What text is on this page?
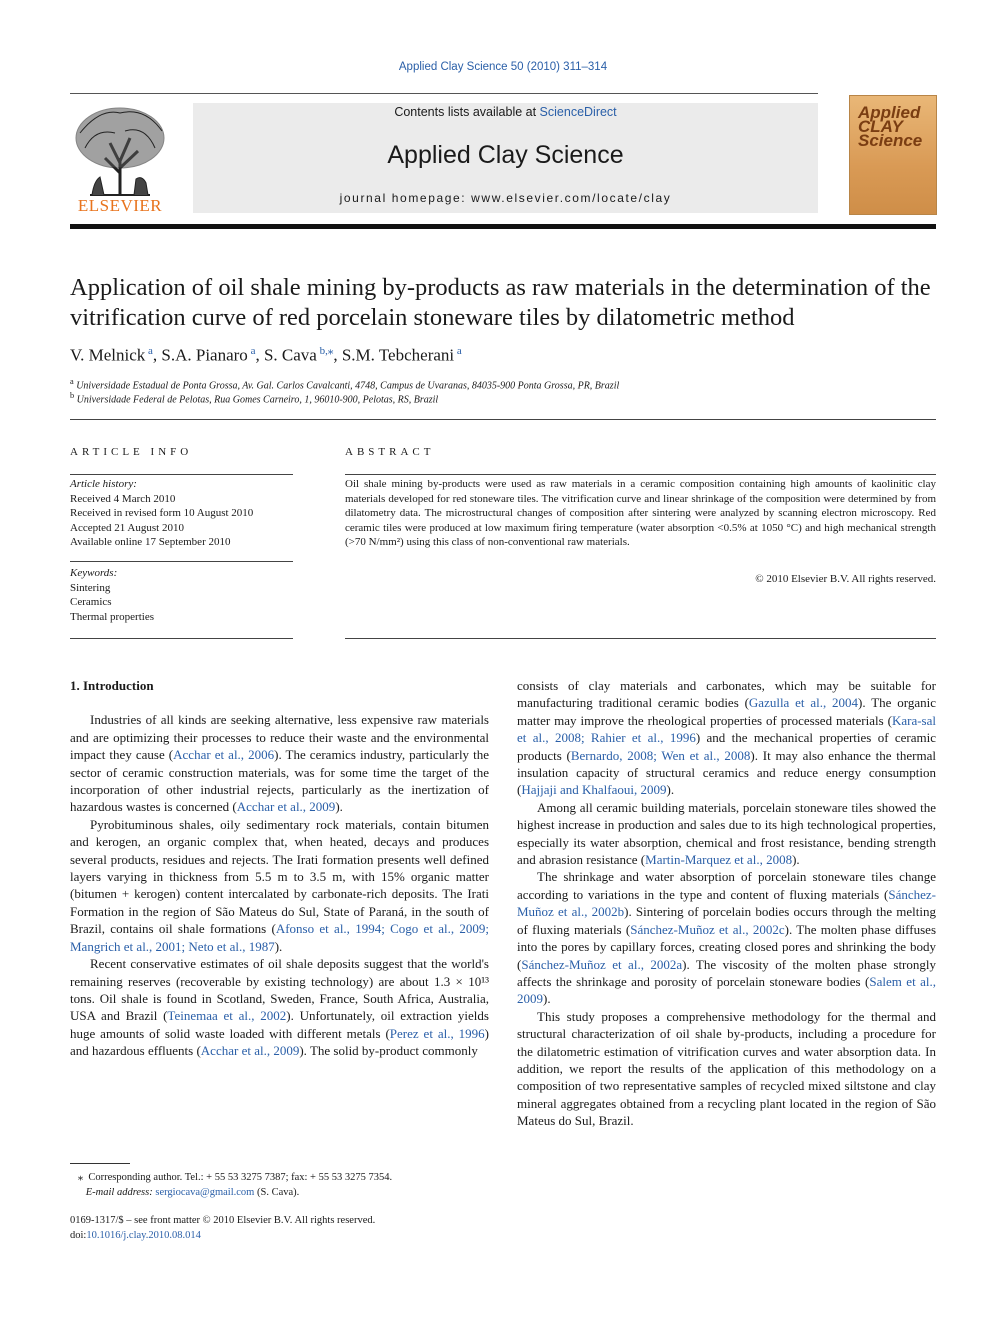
Applied Clay Science 50 (2010) 311–314
ELSEVIER
Contents lists available at ScienceDirect
Applied Clay Science
journal homepage: www.elsevier.com/locate/clay
Applied CLAY Science
Application of oil shale mining by-products as raw materials in the determination of the vitrification curve of red porcelain stoneware tiles by dilatometric method
V. Melnick $^a$, S.A. Pianaro $^a$, S. Cava $^{b,⁎}$, S.M. Tebcherani $^a$
$^a$ Universidade Estadual de Ponta Grossa, Av. Gal. Carlos Cavalcanti, 4748, Campus de Uvaranas, 84035-900 Ponta Grossa, PR, Brazil
$^b$ Universidade Federal de Pelotas, Rua Gomes Carneiro, 1, 96010-900, Pelotas, RS, Brazil
ARTICLE INFO	ABSTRACT
Article history:
Received 4 March 2010
Received in revised form 10 August 2010
Accepted 21 August 2010
Available online 17 September 2010
Keywords:
Sintering
Ceramics
Thermal properties
Oil shale mining by-products were used as raw materials in a ceramic composition containing high amounts of kaolinitic clay materials developed for red stoneware tiles. The vitrification curve and linear shrinkage of the composition were determined by from dilatometry data. The microstructural changes of composition after sintering were analyzed by scanning electron microscopy. Red ceramic tiles were produced at low maximum firing temperature (water absorption <0.5% at 1050 °C) and high mechanical strength (>70 N/mm²) using this class of non-conventional raw materials.
© 2010 Elsevier B.V. All rights reserved.
1. Introduction

Industries of all kinds are seeking alternative, less expensive raw materials and are optimizing their processes to reduce their waste and the environmental impact they cause (Acchar et al., 2006). The ceramics industry, particularly the sector of ceramic construction materials, was for some time the target of the incorporation of other industrial rejects, particularly as the inertization of hazardous wastes is concerned (Acchar et al., 2009).

Pyrobituminous shales, oily sedimentary rock materials, contain bitumen and kerogen, an organic complex that, when heated, decays and produces several products, residues and rejects. The Irati formation presents well defined layers varying in thickness from 5.5 m to 3.5 m, with 15% organic matter (bitumen + kerogen) content intercalated by carbonate-rich deposits. The Irati Formation in the region of São Mateus do Sul, State of Paraná, in the south of Brazil, contains oil shale formations (Afonso et al., 1994; Cogo et al., 2009; Mangrich et al., 2001; Neto et al., 1987).

Recent conservative estimates of oil shale deposits suggest that the world's remaining reserves (recoverable by existing technology) are about 1.3 × 10¹³ tons. Oil shale is found in Scotland, Sweden, France, South Africa, Australia, USA and Brazil (Teinemaa et al., 2002). Unfortunately, oil extraction yields huge amounts of solid waste loaded with different metals (Perez et al., 1996) and hazardous effluents (Acchar et al., 2009). The solid by-product commonly

consists of clay materials and carbonates, which may be suitable for manufacturing traditional ceramic bodies (Gazulla et al., 2004). The organic matter may improve the rheological properties of processed materials (Kara-sal et al., 2008; Rahier et al., 1996) and the mechanical properties of ceramic products (Bernardo, 2008; Wen et al., 2008). It may also enhance the thermal insulation capacity of structural ceramics and reduce energy consumption (Hajjaji and Khalfaoui, 2009).

Among all ceramic building materials, porcelain stoneware tiles showed the highest increase in production and sales due to its high technological properties, especially its water absorption, chemical and frost resistance, bending strength and abrasion resistance (Martin-Marquez et al., 2008).

The shrinkage and water absorption of porcelain stoneware tiles change according to variations in the type and content of fluxing materials (Sánchez-Muñoz et al., 2002b). Sintering of porcelain bodies occurs through the melting of fluxing materials (Sánchez-Muñoz et al., 2002c). The molten phase diffuses into the pores by capillary forces, creating closed pores and shrinking the body (Sánchez-Muñoz et al., 2002a). The viscosity of the molten phase strongly affects the shrinkage and porosity of porcelain stoneware bodies (Salem et al., 2009).

This study proposes a comprehensive methodology for the thermal and structural characterization of oil shale by-products, including a procedure for the dilatometric estimation of vitrification curves and water absorption data. In addition, we report the results of the application of this methodology on a composition of two representative samples of recycled mixed siltstone and clay mineral aggregates obtained from a recycling plant located in the region of São Mateus do Sul, Brazil.

⁎ Corresponding author. Tel.: + 55 53 3275 7387; fax: + 55 53 3275 7354.
E-mail address: sergiocava@gmail.com (S. Cava).
0169-1317/$ – see front matter © 2010 Elsevier B.V. All rights reserved.
doi:10.1016/j.clay.2010.08.014
